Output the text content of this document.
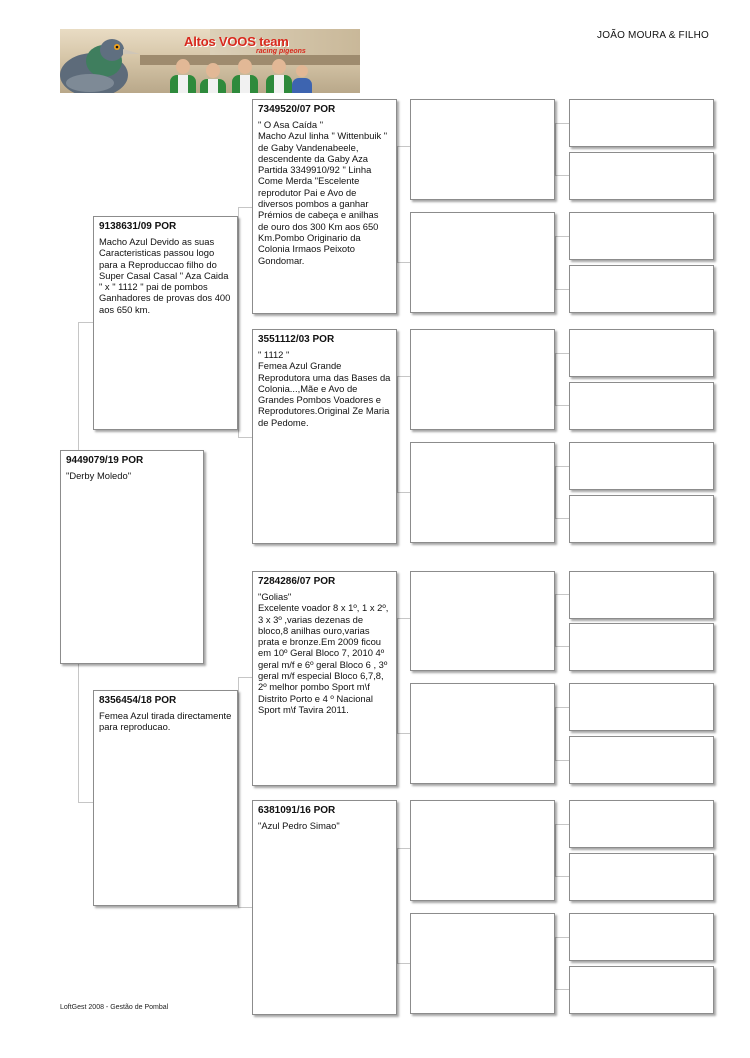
JOÃO MOURA & FILHO
Altos VOOS team
racing pigeons
9449079/19 POR
"Derby Moledo"
9138631/09 POR
Macho Azul Devido as suas Caracteristicas passou logo para a Reproduccao filho do Super Casal Casal " Aza Caida " x " 1112 " pai de pombos Ganhadores de provas dos 400 aos 650 km.
8356454/18 POR
Femea Azul tirada directamente para reproducao.
7349520/07 POR
" O Asa Caída "
Macho Azul linha " Wittenbuik " de Gaby Vandenabeele, descendente da Gaby Aza Partida 3349910/92 " Linha Come Merda "Escelente reprodutor Pai e Avo de diversos pombos a ganhar Prémios de cabeça e anilhas de ouro dos 300 Km aos 650 Km.Pombo Originario da Colonia Irmaos Peixoto Gondomar.
3551112/03 POR
" 1112 "
Femea Azul Grande Reprodutora uma das Bases da Colonia...,Mãe e Avo de Grandes Pombos Voadores e Reprodutores.Original Ze Maria de Pedome.
7284286/07 POR
"Golias"
Excelente voador 8 x 1º, 1 x 2º, 3 x 3º ,varias dezenas de bloco,8 anilhas ouro,varias prata e bronze.Em 2009 ficou em 10º Geral Bloco 7, 2010 4º geral m/f e 6º geral Bloco 6 , 3º geral m/f especial Bloco 6,7,8, 2º melhor pombo Sport m\f Distrito Porto e 4 º Nacional Sport m\f Tavira 2011.
6381091/16 POR
"Azul Pedro Simao"
LoftGest 2008 - Gestão de Pombal
